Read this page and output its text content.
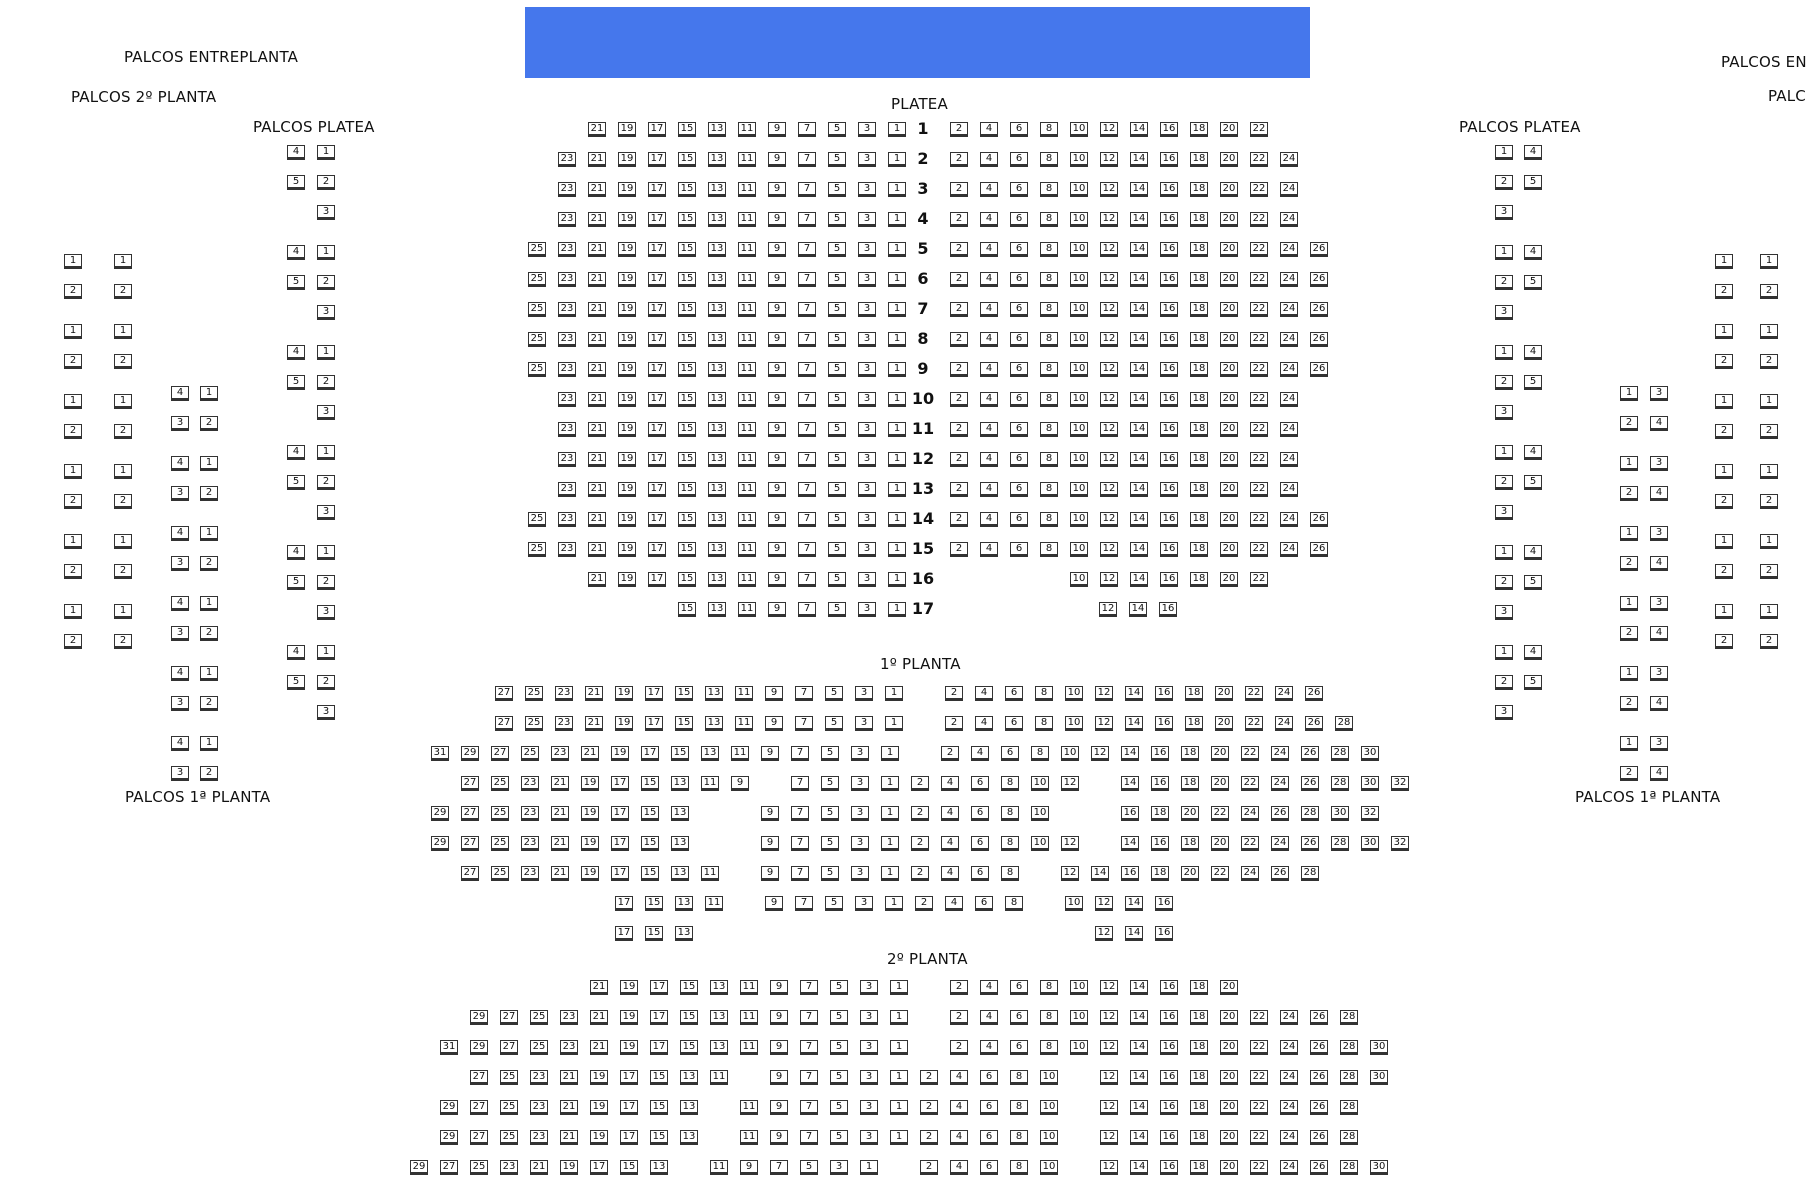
PLATEA
1º PLANTA
2º PLANTA
PALCOS ENTREPLANTA
PALCOS 2º PLANTA
PALCOS PLATEA
PALCOS 1ª PLANTA
PALCOS PLATEA
PALCOS 1ª PLANTA
PALCOS EN
PALC
1
21 19 17 15 13 11	9	7	5	3	1	2	4	6	8	10 12 14 16 18 20 22
2
23 21 19 17 15 13 11	9	7	5	3	1	2	4	6	8	10 12 14 16 18 20 22 24
3
23 21 19 17 15 13 11	9	7	5	3	1	2	4	6	8	10 12 14 16 18 20 22 24
4
23 21 19 17 15 13 11	9	7	5	3	1	2	4	6	8	10 12 14 16 18 20 22 24
5
25 23 21 19 17 15 13 11	9	7	5	3	1	2	4	6	8	10 12 14 16 18 20 22 24 26
6
25 23 21 19 17 15 13 11	9	7	5	3	1	2	4	6	8	10 12 14 16 18 20 22 24 26
7
25 23 21 19 17 15 13 11	9	7	5	3	1	2	4	6	8	10 12 14 16 18 20 22 24 26
8
25 23 21 19 17 15 13 11	9	7	5	3	1	2	4	6	8	10 12 14 16 18 20 22 24 26
9
25 23 21 19 17 15 13 11	9	7	5	3	1	2	4	6	8	10 12 14 16 18 20 22 24 26
10
23 21 19 17 15 13 11	9	7	5	3	1	2	4	6	8	10 12 14 16 18 20 22 24
11
23 21 19 17 15 13 11	9	7	5	3	1	2	4	6	8	10 12 14 16 18 20 22 24
12
23 21 19 17 15 13 11	9	7	5	3	1	2	4	6	8	10 12 14 16 18 20 22 24
13
23 21 19 17 15 13 11	9	7	5	3	1	2	4	6	8	10 12 14 16 18 20 22 24
14
25 23 21 19 17 15 13 11	9	7	5	3	1	2	4	6	8	10 12 14 16 18 20 22 24 26
15
25 23 21 19 17 15 13 11	9	7	5	3	1	2	4	6	8	10 12 14 16 18 20 22 24 26
16
21 19 17 15 13 11	9	7	5	3	1	10 12 14 16 18 20 22
17
15 13 11	9	7	5	3	1	12 14 16
27 25 23 21 19 17 15 13 11	9	7	5	3	1	2	4	6	8	10 12 14 16 18 20 22 24 26
27 25 23 21 19 17 15 13 11	9	7	5	3	1	2	4	6	8	10 12 14 16 18 20 22 24 26 28
31 29 27 25 23 21 19 17 15 13 11	9	7	5	3	1	2	4	6	8	10 12 14 16 18 20 22 24 26 28 30
27 25 23 21 19 17 15 13 11	9	7	5	3	1	2	4	6	8	10 12	14 16 18 20 22 24 26 28 30 32
29 27 25 23 21 19 17 15 13	9	7	5	3	1	2	4	6	8	10	16 18 20 22 24 26 28 30 32
29 27 25 23 21 19 17 15 13	9	7	5	3	1	2	4	6	8	10 12	14 16 18 20 22 24 26 28 30 32
27 25 23 21 19 17 15 13 11	9	7	5	3	1	2	4	6	8	12 14 16 18 20 22 24 26 28
17 15 13 11	9	7	5	3	1	2	4	6	8	10 12 14 16
17 15 13	12 14 16
21 19 17 15 13 11	9	7	5	3	1	2	4	6	8	10 12 14 16 18 20
29 27 25 23 21 19 17 15 13 11	9	7	5	3	1	2	4	6	8	10 12 14 16 18 20 22 24 26 28
31 29 27 25 23 21 19 17 15 13 11	9	7	5	3	1	2	4	6	8	10 12 14 16 18 20 22 24 26 28 30
27 25 23 21 19 17 15 13 11	9	7	5	3	1	2	4	6	8	10	12 14 16 18 20 22 24 26 28 30
29 27 25 23 21 19 17 15 13	11	9	7	5	3	1	2	4	6	8	10	12 14 16 18 20 22 24 26 28
29 27 25 23 21 19 17 15 13	11	9	7	5	3	1	2	4	6	8	10	12 14 16 18 20 22 24 26 28
29 27 25 23 21 19 17 15 13	11	9	7	5	3	1	2	4	6	8	10	12 14 16 18 20 22 24 26 28 30
4	1
5	2
3
4	1
5	2
3
4	1
5	2
3
4	1
5	2
3
4	1
5	2
3
4	1
5	2
3
4	1
3	2
4	1
3	2
4	1
3	2
4	1
3	2
4	1
3	2
4	1
3	2
1	1
2	2
1	1
2	2
1	1
2	2
1	1
2	2
1	1
2	2
1	1
2	2
1	4
2	5
3
1	4
2	5
3
1	4
2	5
3
1	4
2	5
3
1	4
2	5
3
1	4
2	5
3
1	3
2	4
1	3
2	4
1	3
2	4
1	3
2	4
1	3
2	4
1	3
2	4
1	1
2	2
1	1
2	2
1	1
2	2
1	1
2	2
1	1
2	2
1	1
2	2
